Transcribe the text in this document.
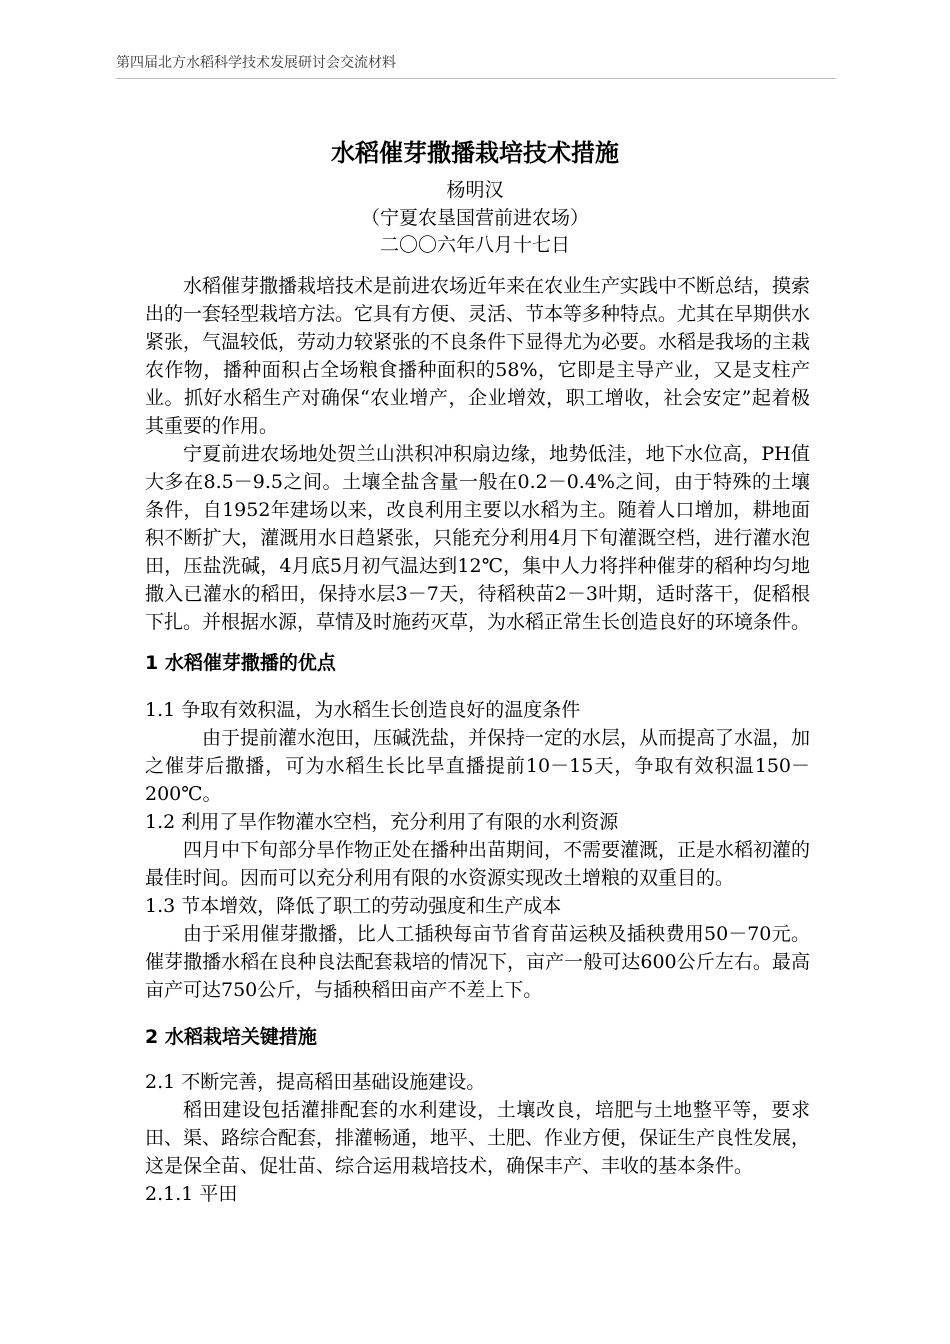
第四届北方水稻科学技术发展研讨会交流材料
水稻催芽撒播栽培技术措施
杨明汉
（宁夏农垦国营前进农场）
二〇〇六年八月十七日

水稻催芽撒播栽培技术是前进农场近年来在农业生产实践中不断总结，摸索出的一套轻型栽培方法。它具有方便、灵活、节本等多种特点。尤其在早期供水紧张，气温较低，劳动力较紧张的不良条件下显得尤为必要。水稻是我场的主栽农作物，播种面积占全场粮食播种面积的58%，它即是主导产业，又是支柱产业。抓好水稻生产对确保“农业增产，企业增效，职工增收，社会安定”起着极其重要的作用。

宁夏前进农场地处贺兰山洪积冲积扇边缘，地势低洼，地下水位高，PH值大多在8.5－9.5之间。土壤全盐含量一般在0.2－0.4%之间，由于特殊的土壤条件，自1952年建场以来，改良利用主要以水稻为主。随着人口增加，耕地面积不断扩大，灌溉用水日趋紧张，只能充分利用4月下旬灌溉空档，进行灌水泡田，压盐洗碱，4月底5月初气温达到12℃，集中人力将拌种催芽的稻种均匀地撒入已灌水的稻田，保持水层3－7天，待稻秧苗2－3叶期，适时落干，促稻根下扎。并根据水源，草情及时施药灭草，为水稻正常生长创造良好的环境条件。

1 水稻催芽撒播的优点

1.1 争取有效积温，为水稻生长创造良好的温度条件

由于提前灌水泡田，压碱洗盐，并保持一定的水层，从而提高了水温，加之催芽后撒播，可为水稻生长比旱直播提前10－15天，争取有效积温150－200℃。

1.2 利用了旱作物灌水空档，充分利用了有限的水利资源

四月中下旬部分旱作物正处在播种出苗期间，不需要灌溉，正是水稻初灌的最佳时间。因而可以充分利用有限的水资源实现改土增粮的双重目的。

1.3 节本增效，降低了职工的劳动强度和生产成本

由于采用催芽撒播，比人工插秧每亩节省育苗运秧及插秧费用50－70元。催芽撒播水稻在良种良法配套栽培的情况下，亩产一般可达600公斤左右。最高亩产可达750公斤，与插秧稻田亩产不差上下。

2 水稻栽培关键措施

2.1 不断完善，提高稻田基础设施建设。

稻田建设包括灌排配套的水利建设，土壤改良，培肥与土地整平等，要求田、渠、路综合配套，排灌畅通，地平、土肥、作业方便，保证生产良性发展，这是保全苗、促壮苗、综合运用栽培技术，确保丰产、丰收的基本条件。

2.1.1 平田
